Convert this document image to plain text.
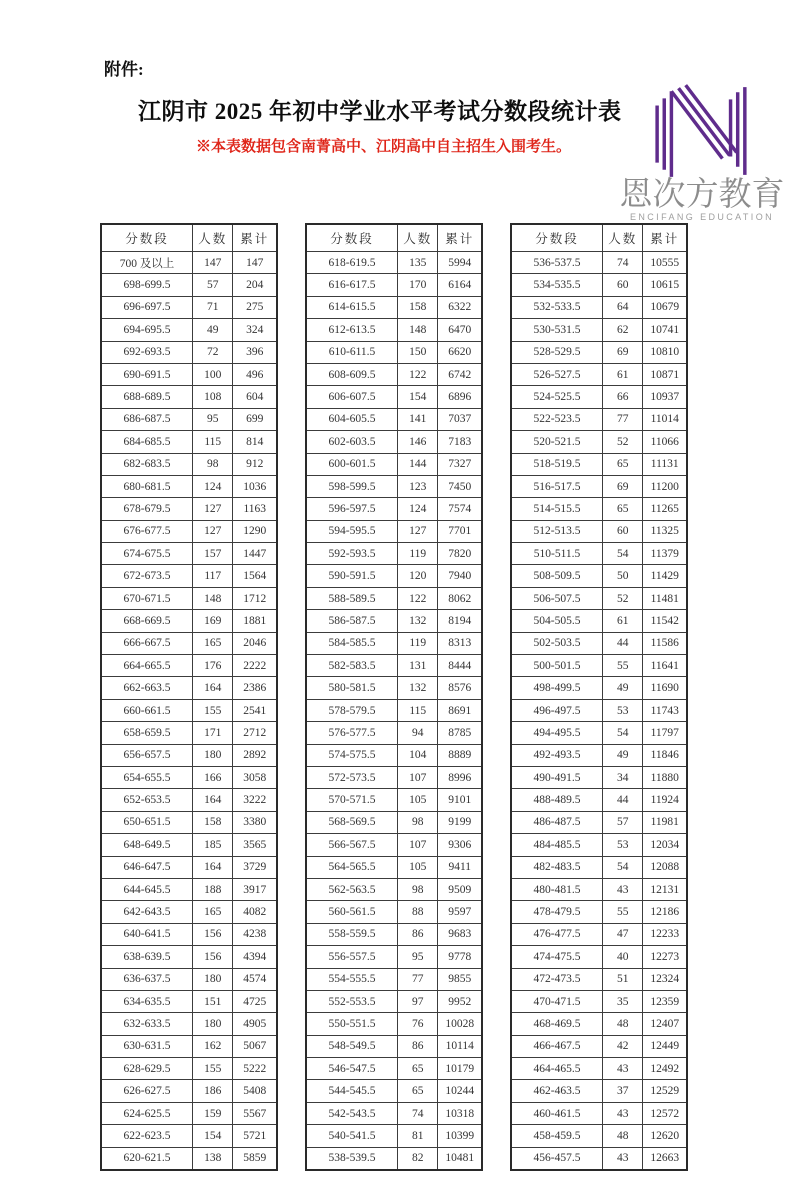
附件:
江阴市 2025 年初中学业水平考试分数段统计表
※本表数据包含南菁高中、江阴高中自主招生入围考生。
恩次方教育
ENCIFANG EDUCATION
分数段	人数	累计
700 及以上	147	147
698-699.5	57	204
696-697.5	71	275
694-695.5	49	324
692-693.5	72	396
690-691.5	100	496
688-689.5	108	604
686-687.5	95	699
684-685.5	115	814
682-683.5	98	912
680-681.5	124	1036
678-679.5	127	1163
676-677.5	127	1290
674-675.5	157	1447
672-673.5	117	1564
670-671.5	148	1712
668-669.5	169	1881
666-667.5	165	2046
664-665.5	176	2222
662-663.5	164	2386
660-661.5	155	2541
658-659.5	171	2712
656-657.5	180	2892
654-655.5	166	3058
652-653.5	164	3222
650-651.5	158	3380
648-649.5	185	3565
646-647.5	164	3729
644-645.5	188	3917
642-643.5	165	4082
640-641.5	156	4238
638-639.5	156	4394
636-637.5	180	4574
634-635.5	151	4725
632-633.5	180	4905
630-631.5	162	5067
628-629.5	155	5222
626-627.5	186	5408
624-625.5	159	5567
622-623.5	154	5721
620-621.5	138	5859
分数段	人数	累计
618-619.5	135	5994
616-617.5	170	6164
614-615.5	158	6322
612-613.5	148	6470
610-611.5	150	6620
608-609.5	122	6742
606-607.5	154	6896
604-605.5	141	7037
602-603.5	146	7183
600-601.5	144	7327
598-599.5	123	7450
596-597.5	124	7574
594-595.5	127	7701
592-593.5	119	7820
590-591.5	120	7940
588-589.5	122	8062
586-587.5	132	8194
584-585.5	119	8313
582-583.5	131	8444
580-581.5	132	8576
578-579.5	115	8691
576-577.5	94	8785
574-575.5	104	8889
572-573.5	107	8996
570-571.5	105	9101
568-569.5	98	9199
566-567.5	107	9306
564-565.5	105	9411
562-563.5	98	9509
560-561.5	88	9597
558-559.5	86	9683
556-557.5	95	9778
554-555.5	77	9855
552-553.5	97	9952
550-551.5	76	10028
548-549.5	86	10114
546-547.5	65	10179
544-545.5	65	10244
542-543.5	74	10318
540-541.5	81	10399
538-539.5	82	10481
分数段	人数	累计
536-537.5	74	10555
534-535.5	60	10615
532-533.5	64	10679
530-531.5	62	10741
528-529.5	69	10810
526-527.5	61	10871
524-525.5	66	10937
522-523.5	77	11014
520-521.5	52	11066
518-519.5	65	11131
516-517.5	69	11200
514-515.5	65	11265
512-513.5	60	11325
510-511.5	54	11379
508-509.5	50	11429
506-507.5	52	11481
504-505.5	61	11542
502-503.5	44	11586
500-501.5	55	11641
498-499.5	49	11690
496-497.5	53	11743
494-495.5	54	11797
492-493.5	49	11846
490-491.5	34	11880
488-489.5	44	11924
486-487.5	57	11981
484-485.5	53	12034
482-483.5	54	12088
480-481.5	43	12131
478-479.5	55	12186
476-477.5	47	12233
474-475.5	40	12273
472-473.5	51	12324
470-471.5	35	12359
468-469.5	48	12407
466-467.5	42	12449
464-465.5	43	12492
462-463.5	37	12529
460-461.5	43	12572
458-459.5	48	12620
456-457.5	43	12663
